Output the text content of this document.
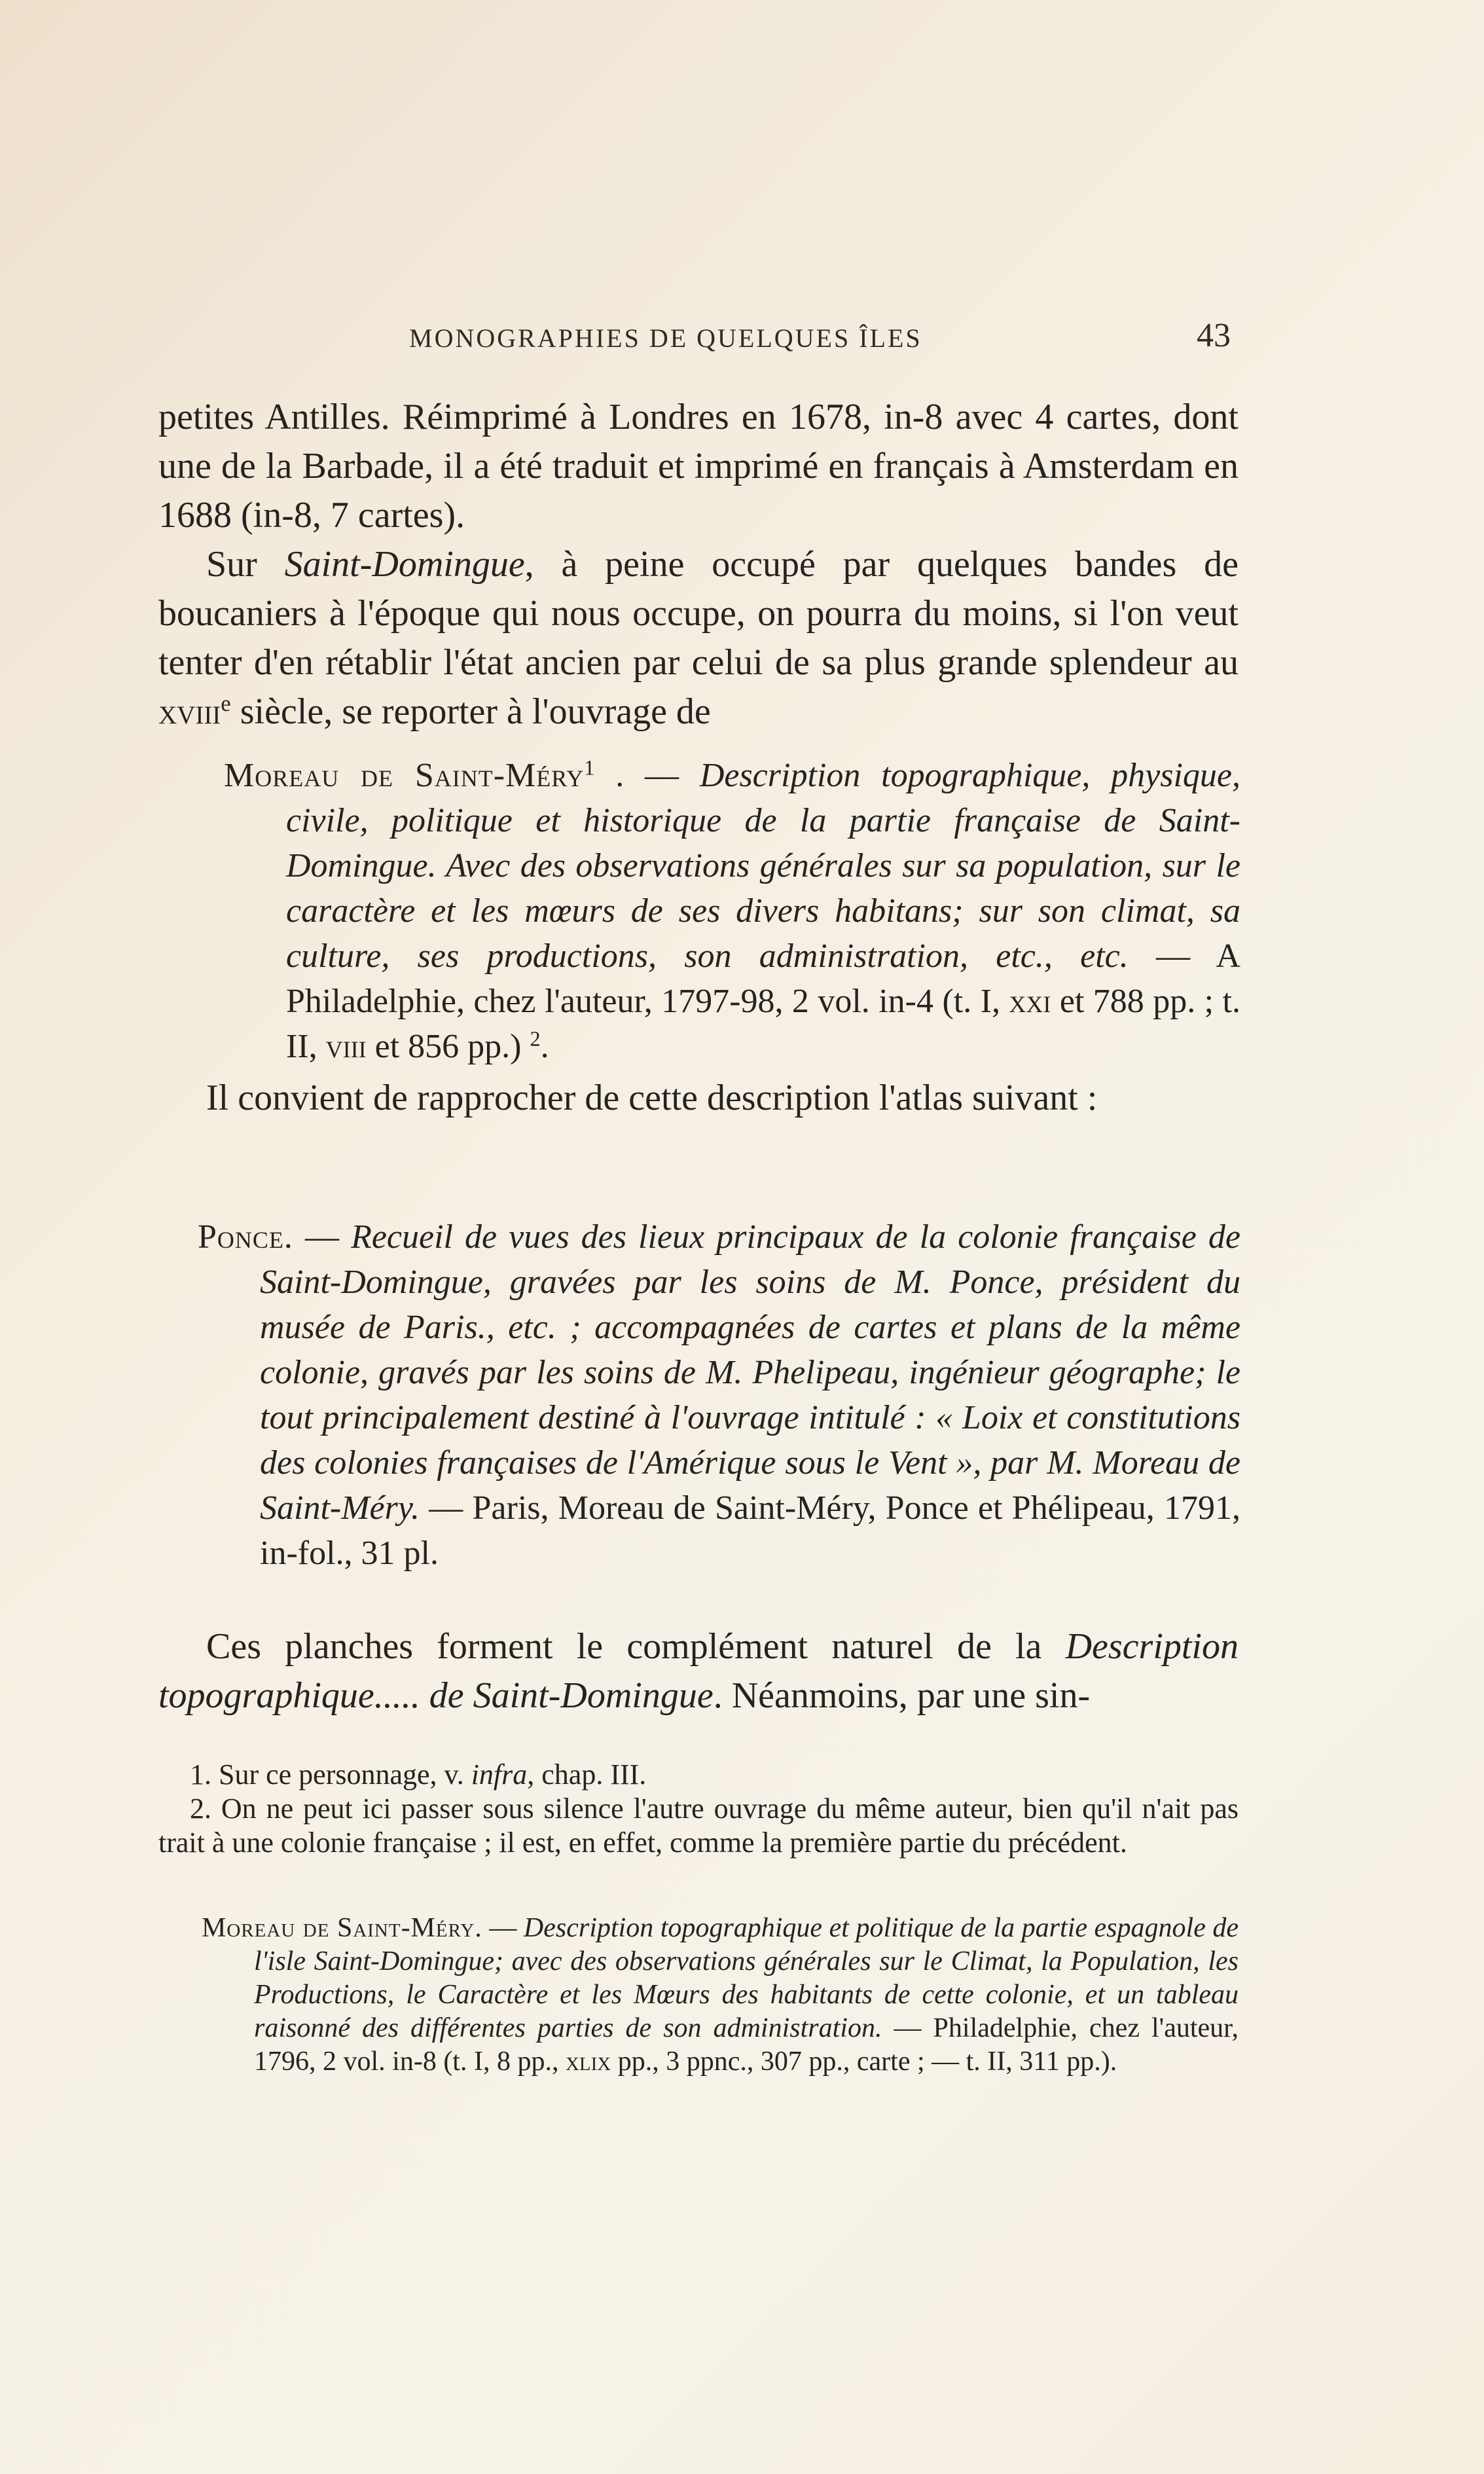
MONOGRAPHIES DE QUELQUES ÎLES	43

petites Antilles. Réimprimé à Londres en 1678, in-8 avec 4 cartes, dont une de la Barbade, il a été traduit et imprimé en français à Amsterdam en 1688 (in-8, 7 cartes).

Sur Saint-Domingue, à peine occupé par quelques bandes de boucaniers à l'époque qui nous occupe, on pourra du moins, si l'on veut tenter d'en rétablir l'état ancien par celui de sa plus grande splendeur au xviii$^e$ siècle, se reporter à l'ouvrage de

Moreau de Saint-Méry$^1$ . — Description topographique, physique, civile, politique et historique de la partie française de Saint-Domingue. Avec des observations générales sur sa population, sur le caractère et les mœurs de ses divers habitans; sur son climat, sa culture, ses productions, son administration, etc., etc. — A Philadelphie, chez l'auteur, 1797-98, 2 vol. in-4 (t. I, xxi et 788 pp. ; t. II, viii et 856 pp.) $^2$.

Il convient de rapprocher de cette description l'atlas suivant :

Ponce. — Recueil de vues des lieux principaux de la colonie française de Saint-Domingue, gravées par les soins de M. Ponce, président du musée de Paris., etc. ; accompagnées de cartes et plans de la même colonie, gravés par les soins de M. Phelipeau, ingénieur géographe; le tout principalement destiné à l'ouvrage intitulé : « Loix et constitutions des colonies françaises de l'Amérique sous le Vent », par M. Moreau de Saint-Méry. — Paris, Moreau de Saint-Méry, Ponce et Phélipeau, 1791, in-fol., 31 pl.

Ces planches forment le complément naturel de la Description topographique..... de Saint-Domingue. Néanmoins, par une sin-

1. Sur ce personnage, v. infra, chap. III.

2. On ne peut ici passer sous silence l'autre ouvrage du même auteur, bien qu'il n'ait pas trait à une colonie française ; il est, en effet, comme la première partie du précédent.

Moreau de Saint-Méry. — Description topographique et politique de la partie espagnole de l'isle Saint-Domingue; avec des observations générales sur le Climat, la Population, les Productions, le Caractère et les Mœurs des habitants de cette colonie, et un tableau raisonné des différentes parties de son administration. — Philadelphie, chez l'auteur, 1796, 2 vol. in-8 (t. I, 8 pp., xlix pp., 3 ppnc., 307 pp., carte ; — t. II, 311 pp.).
